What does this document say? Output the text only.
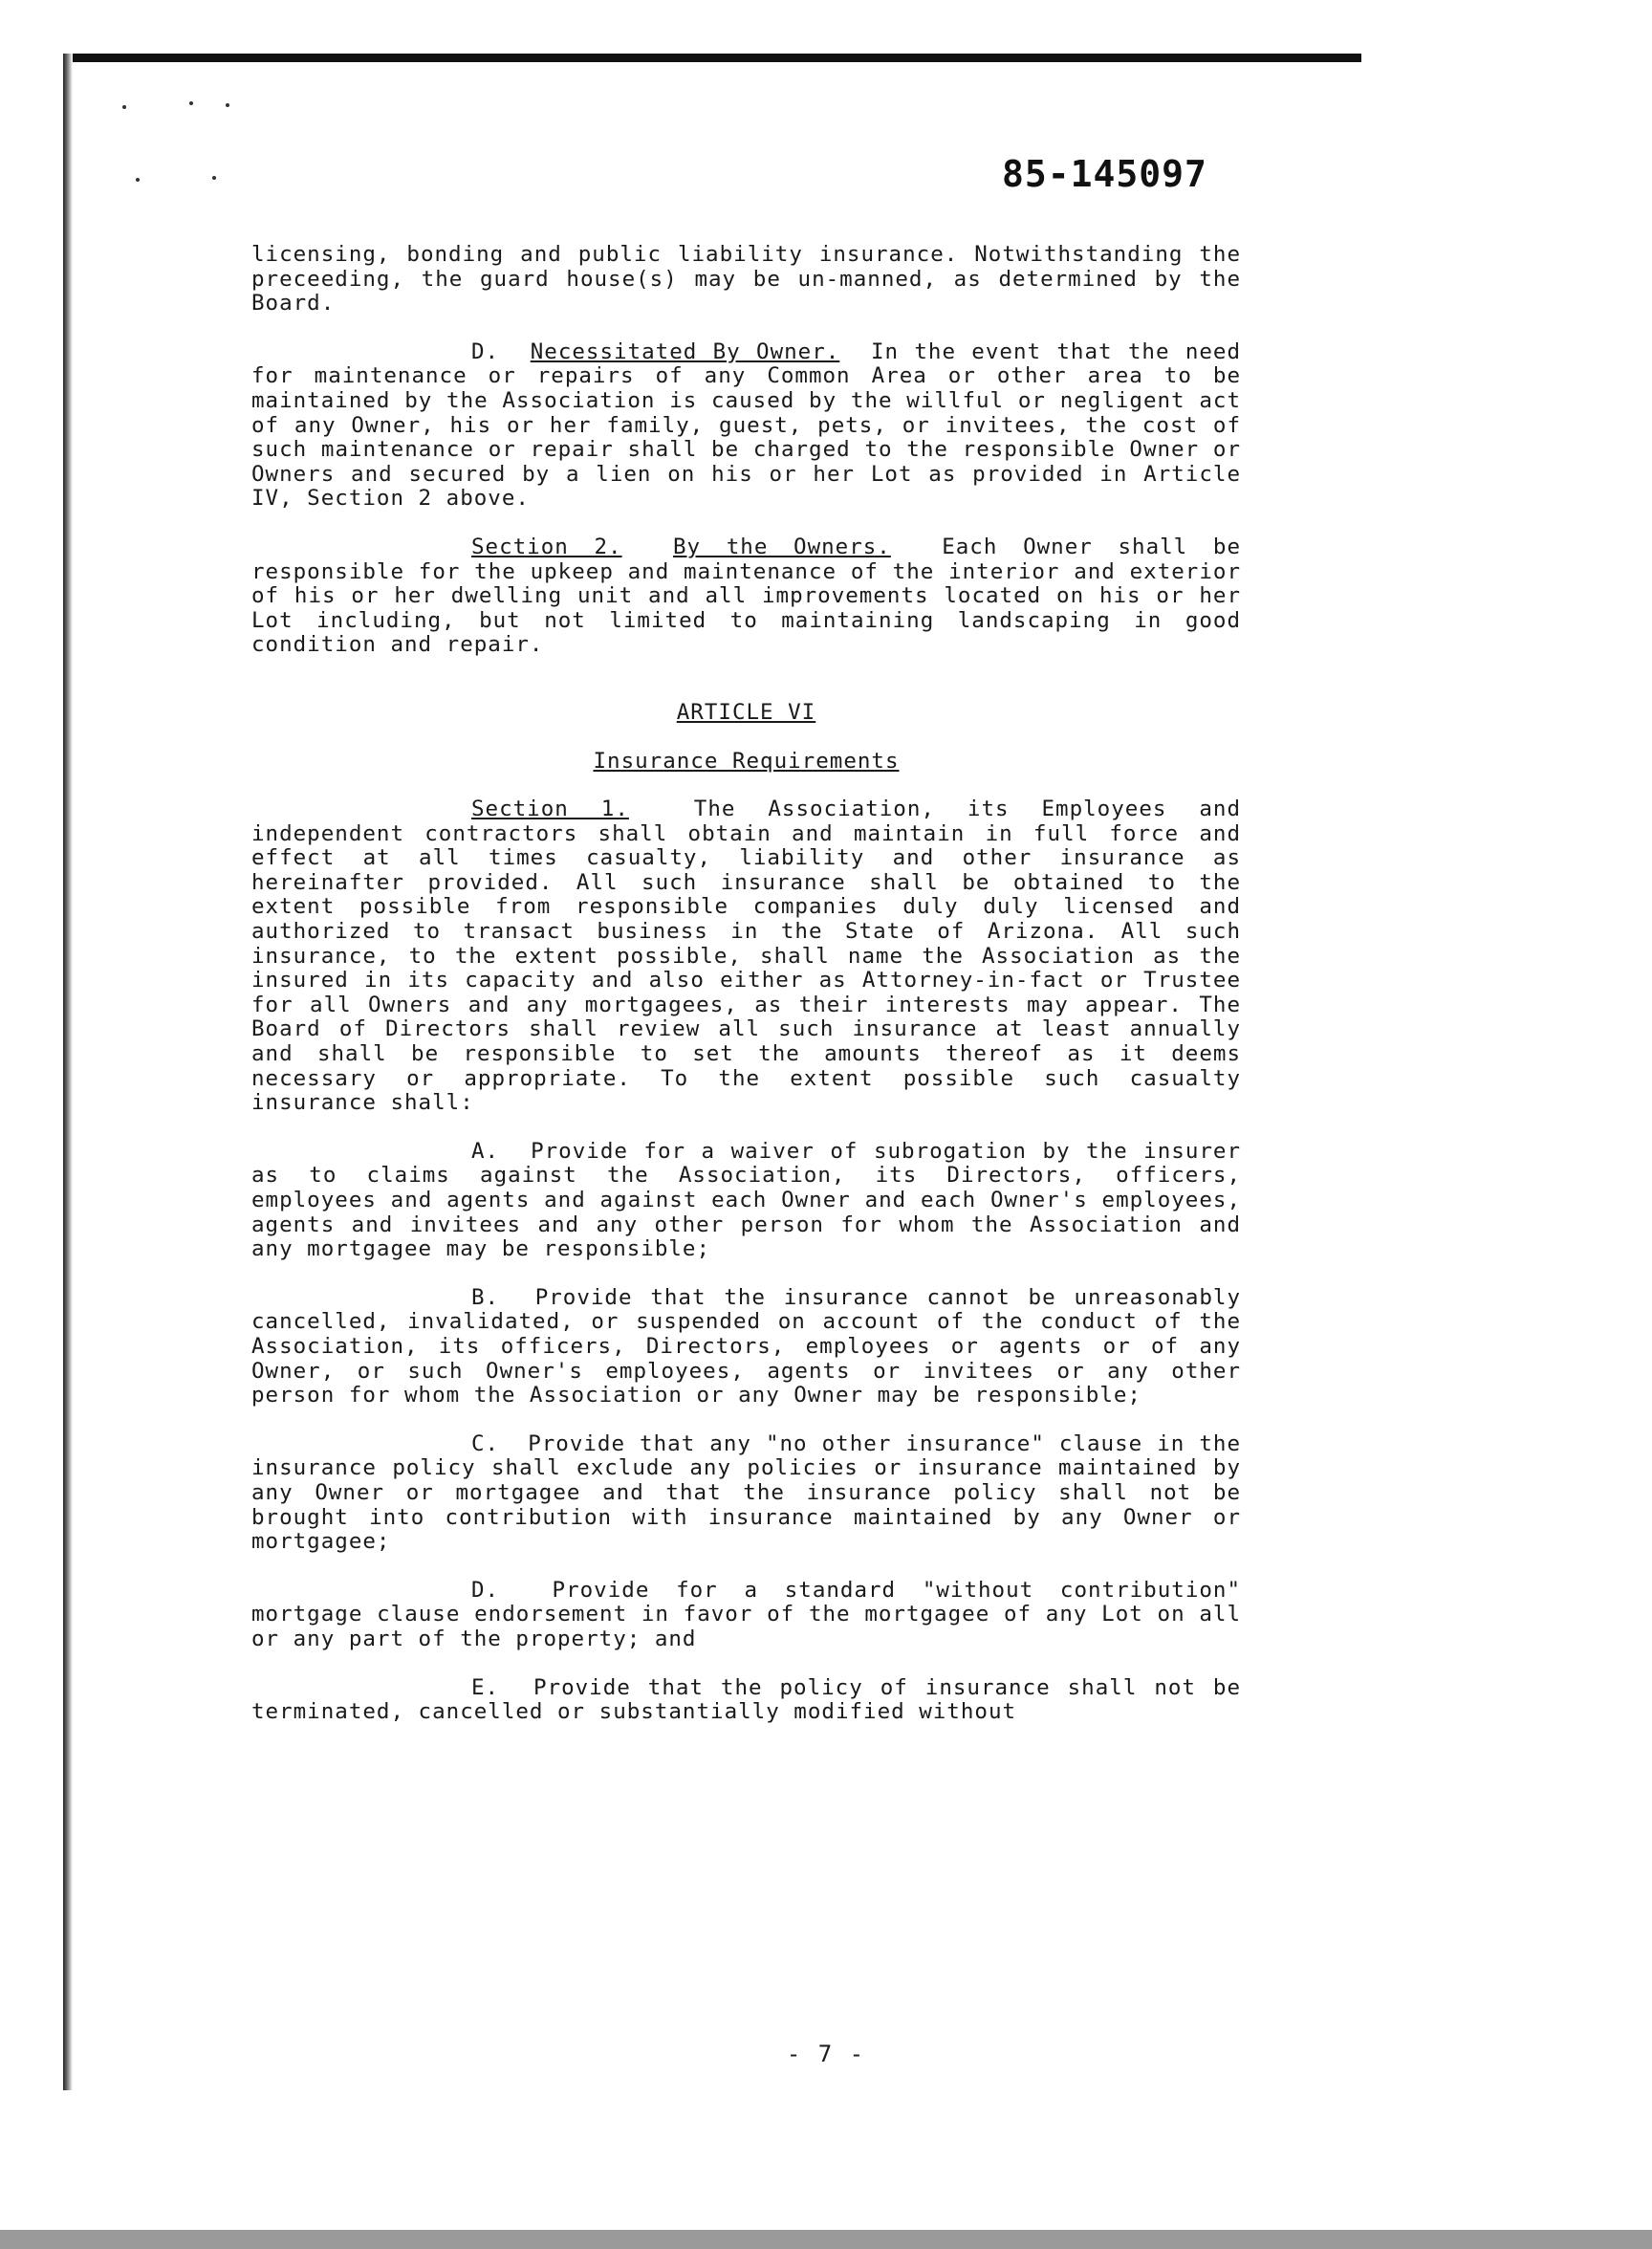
85-145097

licensing, bonding and public liability insurance. Notwithstanding the preceeding, the guard house(s) may be un-manned, as determined by the Board.

D. Necessitated By Owner. In the event that the need for maintenance or repairs of any Common Area or other area to be maintained by the Association is caused by the willful or negligent act of any Owner, his or her family, guest, pets, or invitees, the cost of such maintenance or repair shall be charged to the responsible Owner or Owners and secured by a lien on his or her Lot as provided in Article IV, Section 2 above.

Section 2. By the Owners. Each Owner shall be responsible for the upkeep and maintenance of the interior and exterior of his or her dwelling unit and all improvements located on his or her Lot including, but not limited to maintaining landscaping in good condition and repair.

ARTICLE VI

Insurance Requirements

Section 1.	The Association, its Employees and independent contractors shall obtain and maintain in full force and effect at all times casualty, liability and other insurance as hereinafter provided. All such insurance shall be obtained to the extent possible from responsible companies duly duly licensed and authorized to transact business in the State of Arizona. All such insurance, to the extent possible, shall name the Association as the insured in its capacity and also either as Attorney-in-fact or Trustee for all Owners and any mortgagees, as their interests may appear. The Board of Directors shall review all such insurance at least annually and shall be responsible to set the amounts thereof as it deems necessary or appropriate. To the extent possible such casualty insurance shall:

A. Provide for a waiver of subrogation by the insurer as to claims against the Association, its Directors, officers, employees and agents and against each Owner and each Owner's employees, agents and invitees and any other person for whom the Association and any mortgagee may be responsible;

B. Provide that the insurance cannot be unreasonably cancelled, invalidated, or suspended on account of the conduct of the Association, its officers, Directors, employees or agents or of any Owner, or such Owner's employees, agents or invitees or any other person for whom the Association or any Owner may be responsible;

C. Provide that any "no other insurance" clause in the insurance policy shall exclude any policies or insurance maintained by any Owner or mortgagee and that the insurance policy shall not be brought into contribution with insurance maintained by any Owner or mortgagee;

D. Provide for a standard "without contribution" mortgage clause endorsement in favor of the mortgagee of any Lot on all or any part of the property; and

E. Provide that the policy of insurance shall not be terminated, cancelled or substantially modified without

- 7 -
